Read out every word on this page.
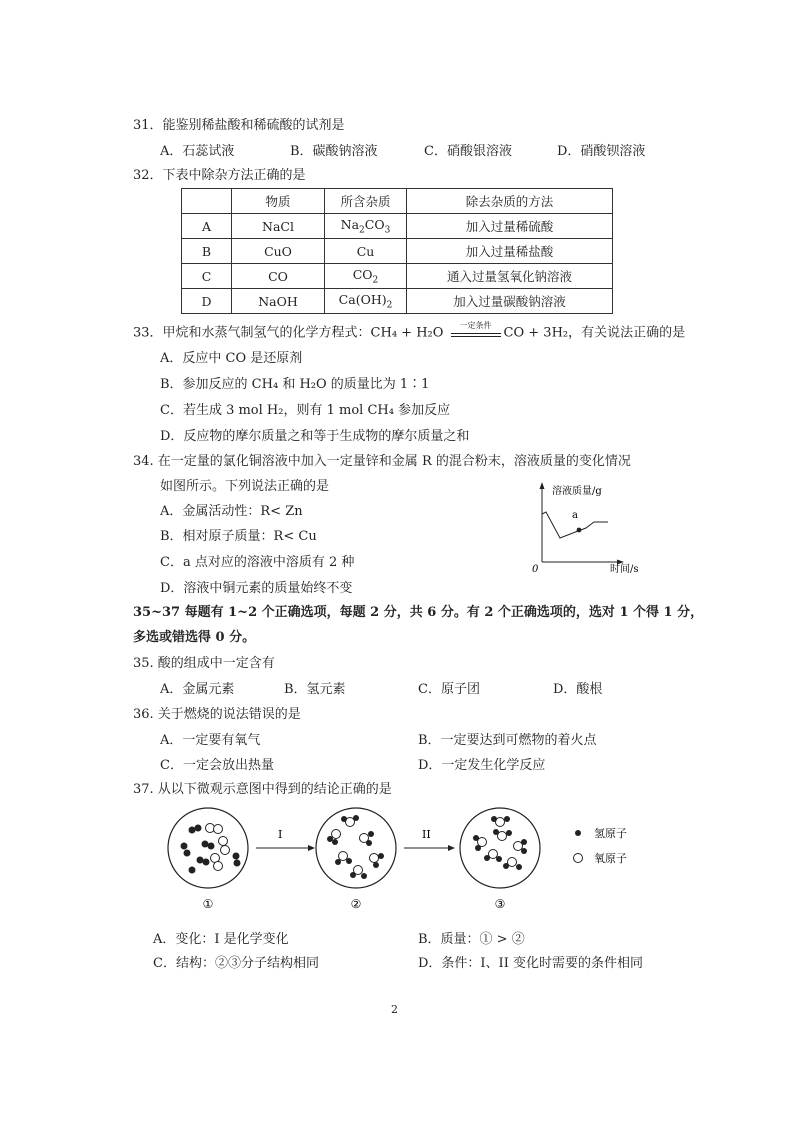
31．能鉴别稀盐酸和稀硫酸的试剂是
A．石蕊试液	B．碳酸钠溶液	C．硝酸银溶液	D．硝酸钡溶液
32．下表中除杂方法正确的是
	物质	所含杂质	除去杂质的方法
A	NaCl	$Na_2CO_3$	加入过量稀硫酸
B	CuO	Cu	加入过量稀盐酸
C	CO	$CO_2$	通入过量氢氧化钠溶液
D	NaOH	$Ca(OH)_2$	加入过量碳酸钠溶液
33．甲烷和水蒸气制氢气的化学方程式：CH₄ + H₂O	一定条件 CO + 3H₂，有关说法正确的是
A．反应中 CO 是还原剂
B．参加反应的 CH₄ 和 H₂O 的质量比为 1∶1
C．若生成 3 mol H₂，则有 1 mol CH₄ 参加反应
D．反应物的摩尔质量之和等于生成物的摩尔质量之和
34. 在一定量的氯化铜溶液中加入一定量锌和金属 R 的混合粉末，溶液质量的变化情况
如图所示。下列说法正确的是
A．金属活动性：R< Zn
B．相对原子质量：R< Cu
C．a 点对应的溶液中溶质有 2 种
D．溶液中铜元素的质量始终不变
a
溶液质量/g
0	时间/s
35~37 每题有 1~2 个正确选项，每题 2 分，共 6 分。有 2 个正确选项的，选对 1 个得 1 分，
多选或错选得 0 分。
35. 酸的组成中一定含有
A．金属元素	B．氢元素	C．原子团	D．酸根
36. 关于燃烧的说法错误的是
A．一定要有氧气	B．一定要达到可燃物的着火点
C．一定会放出热量	D．一定发生化学反应
37. 从以下微观示意图中得到的结论正确的是
①
I
②
II
③
氢原子
氧原子
A．变化：I 是化学变化	B．质量：① > ②
C．结构：②③分子结构相同	D．条件：I、II 变化时需要的条件相同
2
